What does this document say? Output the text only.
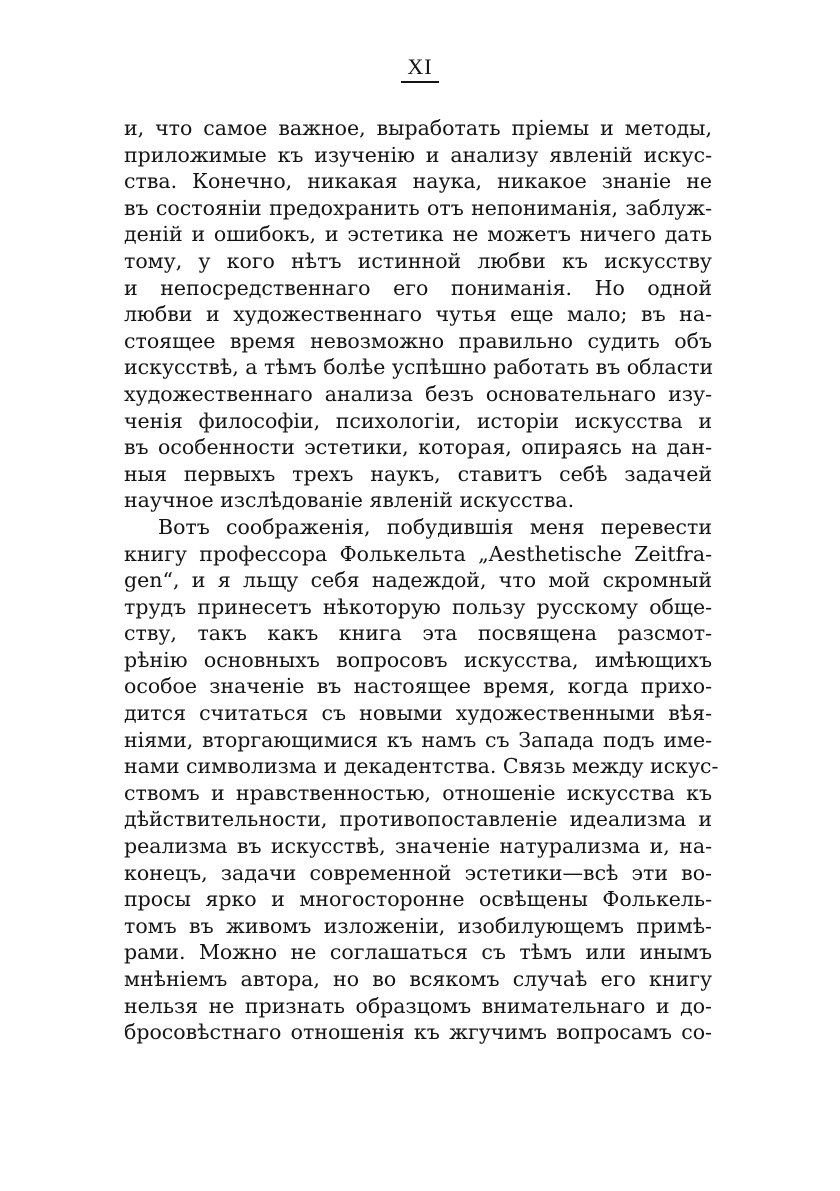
XI
и, что самое важное, выработать пріемы и методы,
приложимые къ изученію и анализу явленій искус-
ства. Конечно, никакая наука, никакое знаніе не
въ состояніи предохранить отъ непониманія, заблуж-
деній и ошибокъ, и эстетика не можетъ ничего дать
тому, у кого нѣтъ истинной любви къ искусству
и непосредственнаго его пониманія. Но одной
любви и художественнаго чутья еще мало; въ на-
стоящее время невозможно правильно судить объ
искусствѣ, а тѣмъ болѣе успѣшно работать въ области
художественнаго анализа безъ основательнаго изу-
ченія философіи, психологіи, исторіи искусства и
въ особенности эстетики, которая, опираясь на дан-
ныя первыхъ трехъ наукъ, ставитъ себѣ задачей
научное изслѣдованіе явленій искусства.
Вотъ соображенія, побудившія меня перевести
книгу профессора Фолькельта „Aesthetische Zeitfra-
gen“, и я льщу себя надеждой, что мой скромный
трудъ принесетъ нѣкоторую пользу русскому обще-
ству, такъ какъ книга эта посвящена разсмот-
рѣнію основныхъ вопросовъ искусства, имѣющихъ
особое значеніе въ настоящее время, когда прихо-
дится считаться съ новыми художественными вѣя-
ніями, вторгающимися къ намъ съ Запада подъ име-
нами символизма и декадентства. Связь между искус-
ствомъ и нравственностью, отношеніе искусства къ
дѣйствительности, противопоставленіе идеализма и
реализма въ искусствѣ, значеніе натурализма и, на-
конецъ, задачи современной эстетики—всѣ эти во-
просы ярко и многосторонне освѣщены Фолькель-
томъ въ живомъ изложеніи, изобилующемъ примѣ-
рами. Можно не соглашаться съ тѣмъ или инымъ
мнѣніемъ автора, но во всякомъ случаѣ его книгу
нельзя не признать образцомъ внимательнаго и до-
бросовѣстнаго отношенія къ жгучимъ вопросамъ со-
